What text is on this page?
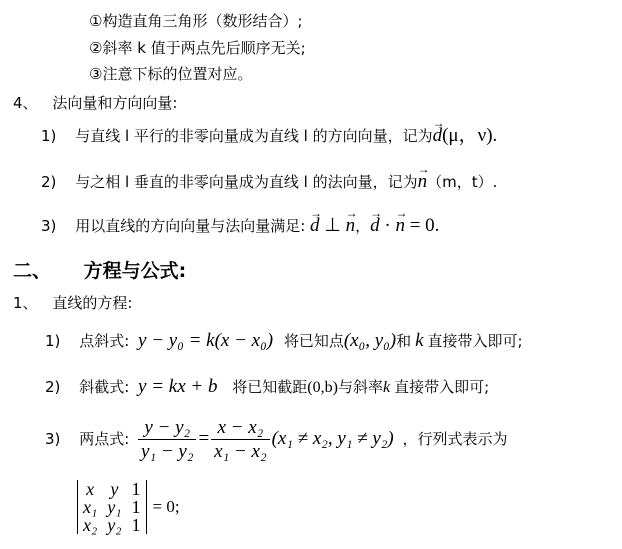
①构造直角三角形（数形结合）;
②斜率 k 值于两点先后顺序无关;
③注意下标的位置对应。
4、 法向量和方向向量:
1) 与直线 l 平行的非零向量成为直线 l 的方向向量，记为→ d(μ，ν).
2) 与之相 l 垂直的非零向量成为直线 l 的法向量，记为→ n（m，t）.
3) 用以直线的方向向量与法向量满足: → d ⊥ → n，→ d · → n = 0.
二、 方程与公式:
1、 直线的方程:
1) 点斜式: y − y₀ = k(x − x₀) 将已知点(x₀, y₀)和 k 直接带入即可;
2) 斜截式: y = kx + b 将已知截距(0,b)与斜率k 直接带入即可;
3) 两点式: $\frac{\text{y − y₂}}{\text{y₁ − y₂}} = \frac{\text{x − x₂}}{\text{x₁ − x₂}} (x_1 \ne x_2$, y₁ ≠ y₂) ，行列式表示为
x	y	1
x₁	y₁	1
x₂	y₂	1
= 0;
